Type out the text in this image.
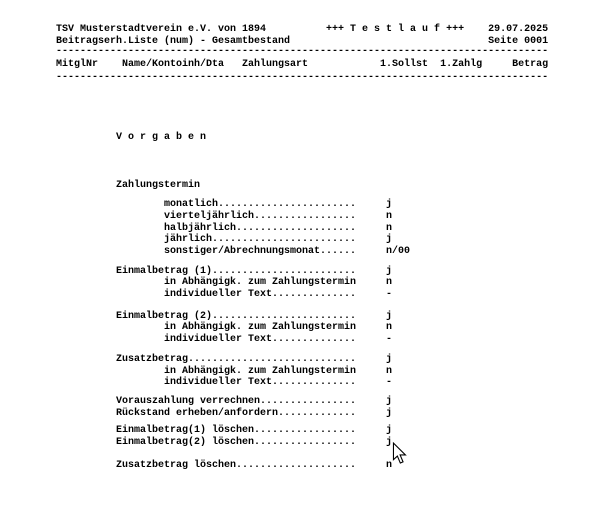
TSV Musterstadtverein e.V. von 1894          +++ T e s t l a u f +++    29.07.2025
Beitragserh.Liste (num) - Gesamtbestand                                 Seite 0001
----------------------------------------------------------------------------------
MitglNr    Name/Kontoinh/Dta   Zahlungsart            1.Sollst  1.Zahlg     Betrag
----------------------------------------------------------------------------------
V o r g a b e n
Zahlungstermin
monatlich.......................     j
vierteljährlich.................     n
halbjährlich....................     n
jährlich........................     j
sonstiger/Abrechnungsmonat......     n/00
Einmalbetrag (1)........................     j
in Abhängigk. zum Zahlungstermin     n
individueller Text..............     -
Einmalbetrag (2)........................     j
in Abhängigk. zum Zahlungstermin     n
individueller Text..............     -
Zusatzbetrag............................     j
in Abhängigk. zum Zahlungstermin     n
individueller Text..............     -
Vorauszahlung verrechnen................     j
Rückstand erheben/anfordern.............     j
Einmalbetrag(1) löschen.................     j
Einmalbetrag(2) löschen.................     j
Zusatzbetrag löschen....................     n
